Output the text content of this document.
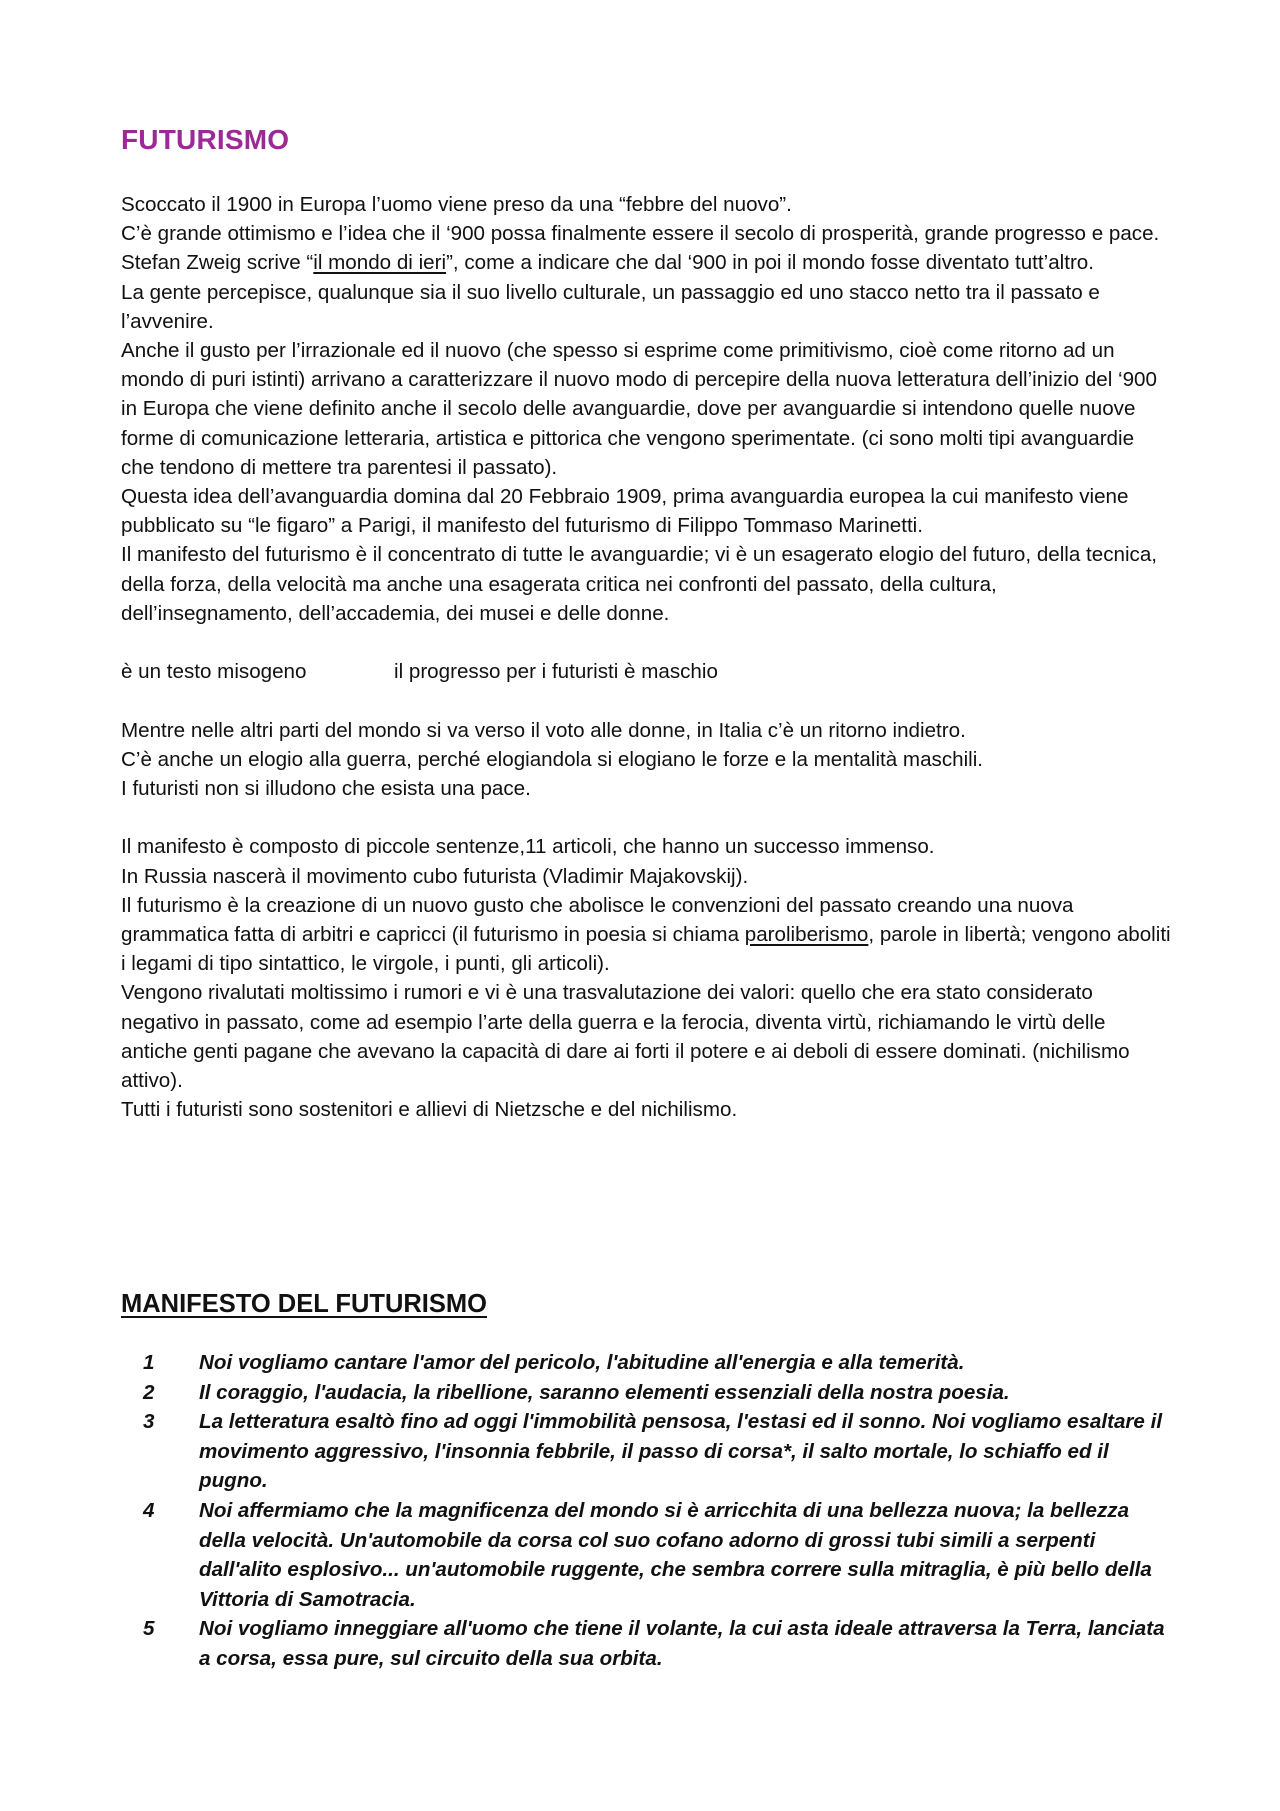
FUTURISMO

Scoccato il 1900 in Europa l’uomo viene preso da una “febbre del nuovo”.

C’è grande ottimismo e l’idea che il ‘900 possa finalmente essere il secolo di prosperità, grande progresso e pace.

Stefan Zweig scrive “il mondo di ieri”, come a indicare che dal ‘900 in poi il mondo fosse diventato tutt’altro.

La gente percepisce, qualunque sia il suo livello culturale, un passaggio ed uno stacco netto tra il passato e l’avvenire.

Anche il gusto per l’irrazionale ed il nuovo (che spesso si esprime come primitivismo, cioè come ritorno ad un mondo di puri istinti) arrivano a caratterizzare il nuovo modo di percepire della nuova letteratura dell’inizio del ‘900 in Europa che viene definito anche il secolo delle avanguardie, dove per avanguardie si intendono quelle nuove forme di comunicazione letteraria, artistica e pittorica che vengono sperimentate. (ci sono molti tipi avanguardie che tendono di mettere tra parentesi il passato).

Questa idea dell’avanguardia domina dal 20 Febbraio 1909, prima avanguardia europea la cui manifesto viene pubblicato su “le figaro” a Parigi, il manifesto del futurismo di Filippo Tommaso Marinetti.

Il manifesto del futurismo è il concentrato di tutte le avanguardie; vi è un esagerato elogio del futuro, della tecnica, della forza, della velocità ma anche una esagerata critica nei confronti del passato, della cultura, dell’insegnamento, dell’accademia, dei musei e delle donne.

è un testo misogeno	il progresso per i futuristi è maschio

Mentre nelle altri parti del mondo si va verso il voto alle donne, in Italia c’è un ritorno indietro.

C’è anche un elogio alla guerra, perché elogiandola si elogiano le forze e la mentalità maschili.

I futuristi non si illudono che esista una pace.

Il manifesto è composto di piccole sentenze,11 articoli, che hanno un successo immenso.

In Russia nascerà il movimento cubo futurista (Vladimir Majakovskij).

Il futurismo è la creazione di un nuovo gusto che abolisce le convenzioni del passato creando una nuova grammatica fatta di arbitri e capricci (il futurismo in poesia si chiama paroliberismo, parole in libertà; vengono aboliti i legami di tipo sintattico, le virgole, i punti, gli articoli).

Vengono rivalutati moltissimo i rumori e vi è una trasvalutazione dei valori: quello che era stato considerato negativo in passato, come ad esempio l’arte della guerra e la ferocia, diventa virtù, richiamando le virtù delle antiche genti pagane che avevano la capacità di dare ai forti il potere e ai deboli di essere dominati. (nichilismo attivo).

Tutti i futuristi sono sostenitori e allievi di Nietzsche e del nichilismo.

MANIFESTO DEL FUTURISMO
1	Noi vogliamo cantare l'amor del pericolo, l'abitudine all'energia e alla temerità.
2	Il coraggio, l'audacia, la ribellione, saranno elementi essenziali della nostra poesia.
3	La letteratura esaltò fino ad oggi l'immobilità pensosa, l'estasi ed il sonno. Noi vogliamo esaltare il movimento aggressivo, l'insonnia febbrile, il passo di corsa*, il salto mortale, lo schiaffo ed il pugno.
4	Noi affermiamo che la magnificenza del mondo si è arricchita di una bellezza nuova; la bellezza della velocità. Un'automobile da corsa col suo cofano adorno di grossi tubi simili a serpenti dall'alito esplosivo... un'automobile ruggente, che sembra correre sulla mitraglia, è più bello della Vittoria di Samotracia.
5	Noi vogliamo inneggiare all'uomo che tiene il volante, la cui asta ideale attraversa la Terra, lanciata a corsa, essa pure, sul circuito della sua orbita.
